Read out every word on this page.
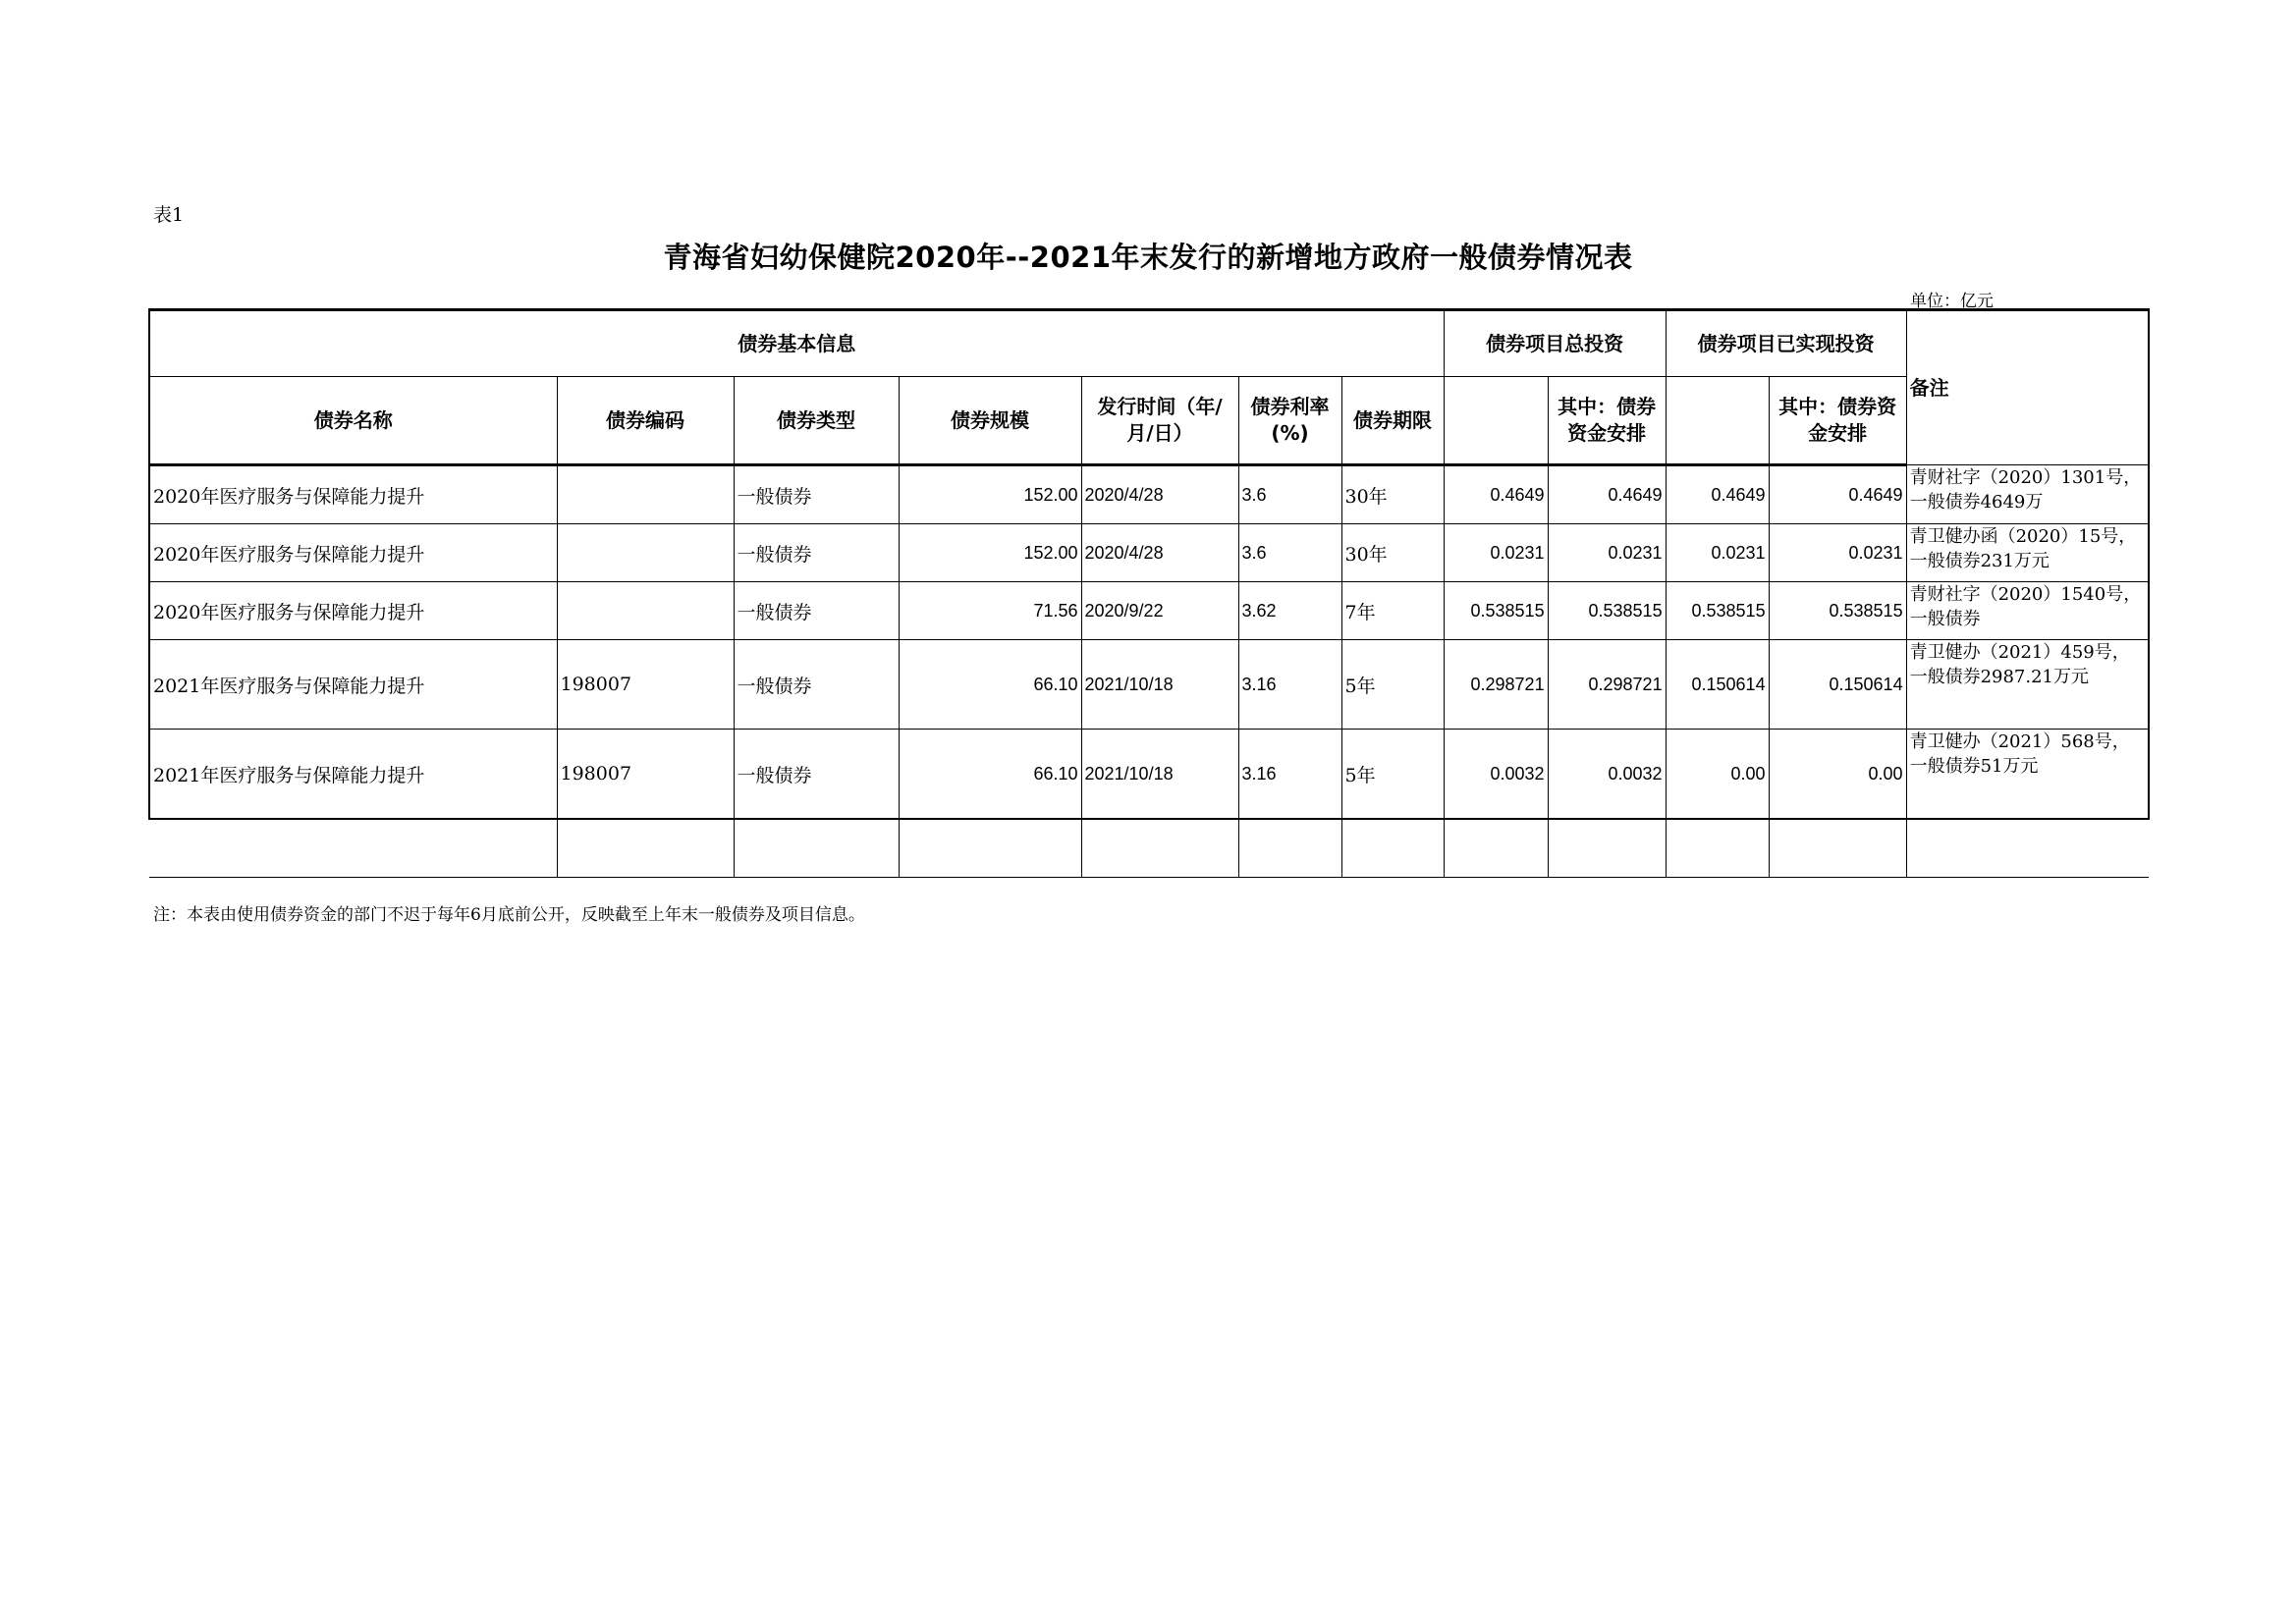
表1
青海省妇幼保健院2020年--2021年末发行的新增地方政府一般债券情况表
单位：亿元
债券基本信息							债券项目总投资		债券项目已实现投资		备注
债券名称	债券编码	债券类型	债券规模	发行时间（年/月/日）	债券利率(%)	债券期限		其中：债券资金安排		其中：债券资金安排	
2020年医疗服务与保障能力提升		一般债券	152.00	2020/4/28	3.6	30年	0.4649	0.4649	0.4649	0.4649	青财社字（2020）1301号，一般债券4649万
2020年医疗服务与保障能力提升		一般债券	152.00	2020/4/28	3.6	30年	0.0231	0.0231	0.0231	0.0231	青卫健办函（2020）15号，一般债券231万元
2020年医疗服务与保障能力提升		一般债券	71.56	2020/9/22	3.62	7年	0.538515	0.538515	0.538515	0.538515	青财社字（2020）1540号，一般债券
2021年医疗服务与保障能力提升	198007	一般债券	66.10	2021/10/18	3.16	5年	0.298721	0.298721	0.150614	0.150614	青卫健办（2021）459号，一般债券2987.21万元
2021年医疗服务与保障能力提升	198007	一般债券	66.10	2021/10/18	3.16	5年	0.0032	0.0032	0.00	0.00	青卫健办（2021）568号，一般债券51万元

注：本表由使用债券资金的部门不迟于每年6月底前公开，反映截至上年末一般债券及项目信息。
